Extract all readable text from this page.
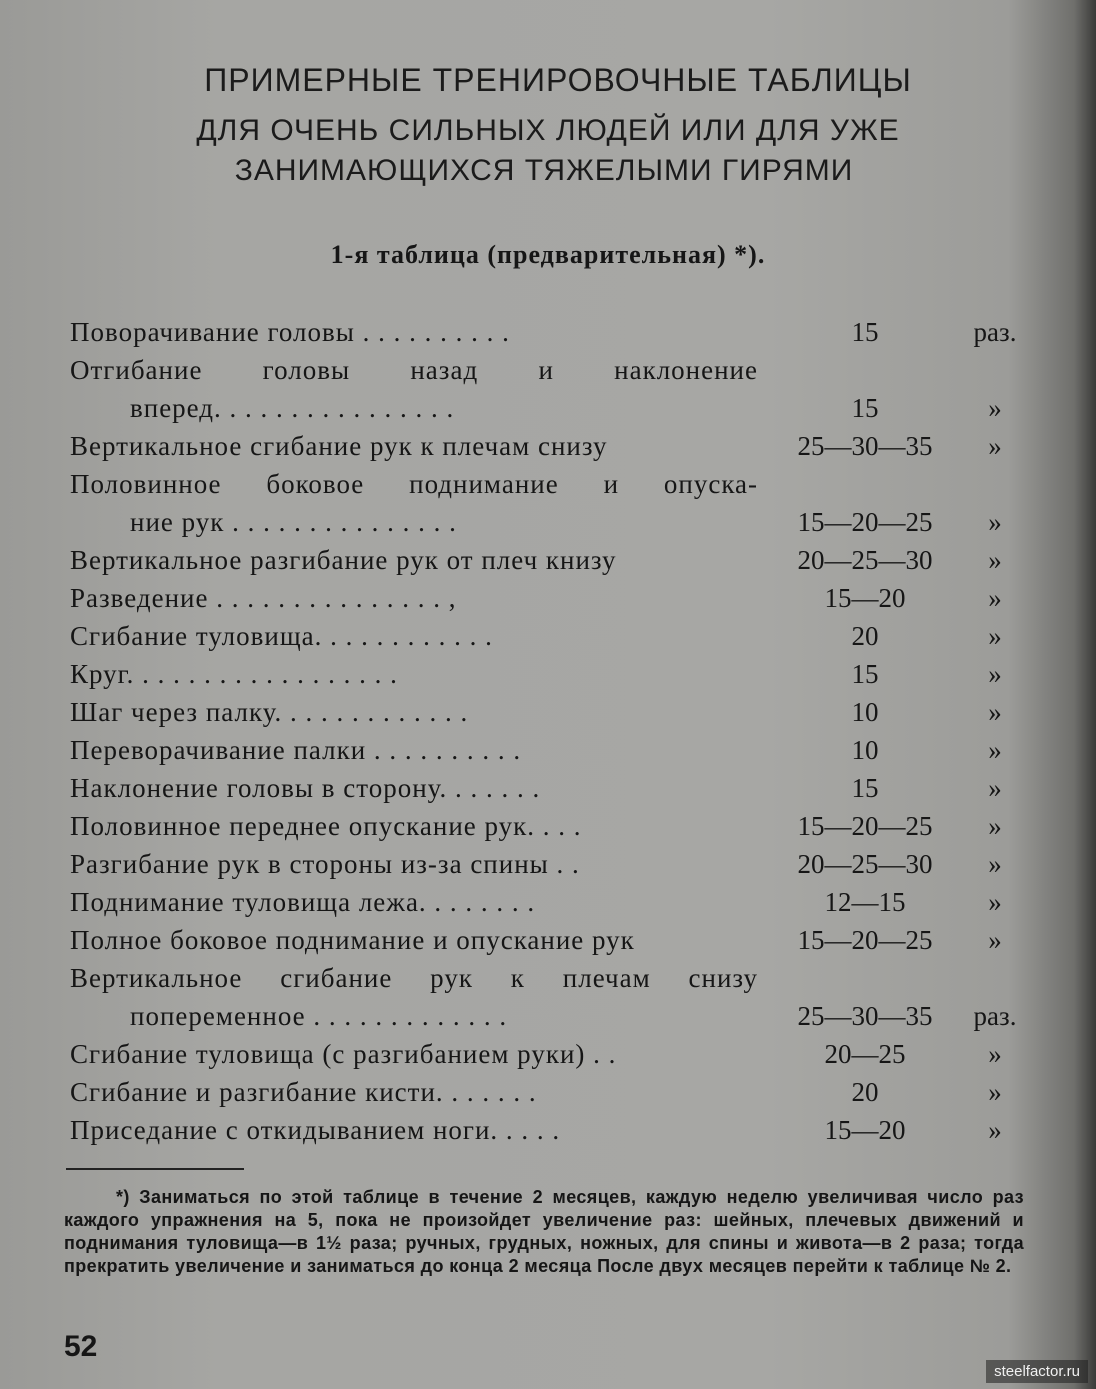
ПРИМЕРНЫЕ ТРЕНИРОВОЧНЫЕ ТАБЛИЦЫ
ДЛЯ ОЧЕНЬ СИЛЬНЫХ ЛЮДЕЙ ИЛИ ДЛЯ УЖЕ
ЗАНИМАЮЩИХСЯ ТЯЖЕЛЫМИ ГИРЯМИ
1-я таблица (предварительная) *).
Поворачивание головы . . . . . . . . . .	15	раз.
Отгибание головы назад и наклонение
вперед. . . . . . . . . . . . . . . .	15	»
Вертикальное сгибание рук к плечам снизу	25—30—35	»
Половинное боковое поднимание и опуска-
ние рук . . . . . . . . . . . . . . .	15—20—25	»
Вертикальное разгибание рук от плеч книзу	20—25—30	»
Разведение . . . . . . . . . . . . . . . ,	15—20	»
Сгибание туловища. . . . . . . . . . . .	20	»
Круг. . . . . . . . . . . . . . . . . .	15	»
Шаг через палку. . . . . . . . . . . . .	10	»
Переворачивание палки . . . . . . . . . .	10	»
Наклонение головы в сторону. . . . . . .	15	»
Половинное переднее опускание рук. . . .	15—20—25	»
Разгибание рук в стороны из-за спины . .	20—25—30	»
Поднимание туловища лежа. . . . . . . .	12—15	»
Полное боковое поднимание и опускание рук	15—20—25	»
Вертикальное сгибание рук к плечам снизу
попеременное . . . . . . . . . . . . .	25—30—35	раз.
Сгибание туловища (с разгибанием руки) . .	20—25	»
Сгибание и разгибание кисти. . . . . . .	20	»
Приседание с откидыванием ноги. . . . .	15—20	»
*) Заниматься по этой таблице в течение 2 месяцев, каждую неделю увеличивая число раз каждого упражнения на 5, пока не произойдет увеличение раз: шейных, плечевых движений и поднимания туловища—в 1½ раза; ручных, грудных, ножных, для спины и живота—в 2 раза; тогда прекратить увеличение и заниматься до конца 2 месяца После двух месяцев перейти к таблице № 2.
52
steelfactor.ru
